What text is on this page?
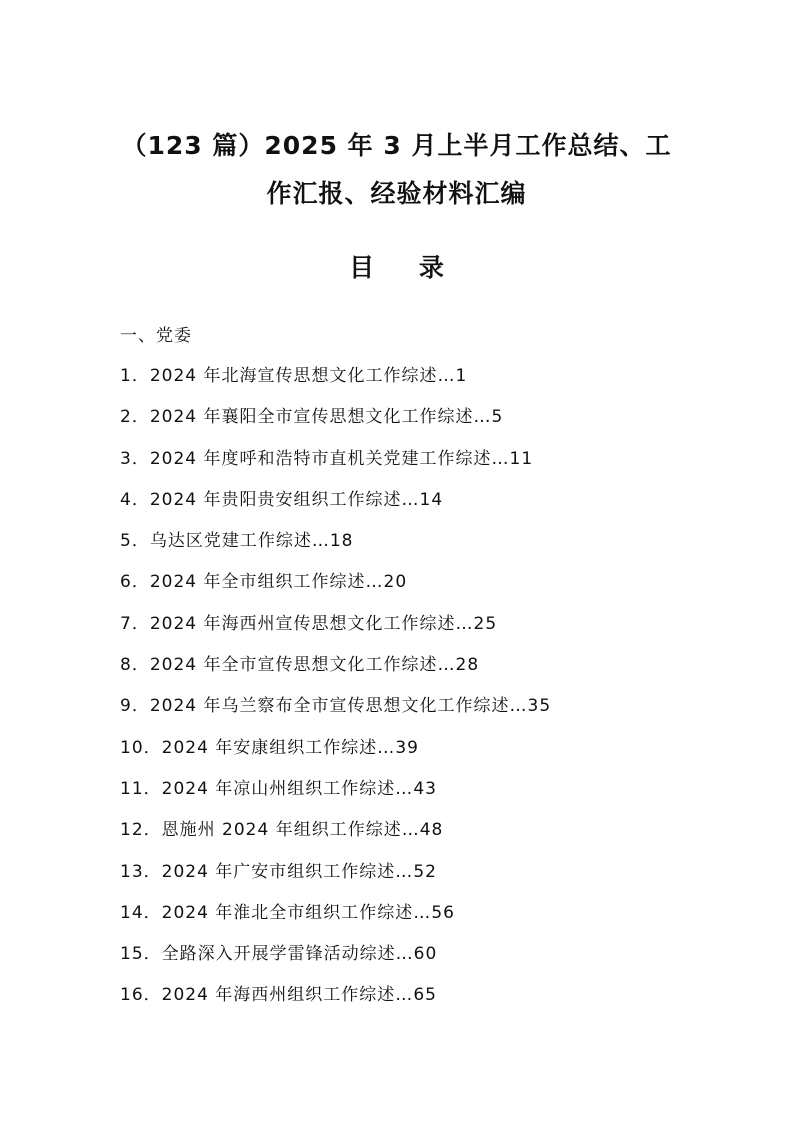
（123 篇）2025 年 3 月上半月工作总结、工
作汇报、经验材料汇编
目 录
一、党委
1．2024 年北海宣传思想文化工作综述…1
2．2024 年襄阳全市宣传思想文化工作综述…5
3．2024 年度呼和浩特市直机关党建工作综述…11
4．2024 年贵阳贵安组织工作综述…14
5．乌达区党建工作综述…18
6．2024 年全市组织工作综述…20
7．2024 年海西州宣传思想文化工作综述…25
8．2024 年全市宣传思想文化工作综述…28
9．2024 年乌兰察布全市宣传思想文化工作综述…35
10．2024 年安康组织工作综述…39
11．2024 年凉山州组织工作综述…43
12．恩施州 2024 年组织工作综述…48
13．2024 年广安市组织工作综述…52
14．2024 年淮北全市组织工作综述…56
15．全路深入开展学雷锋活动综述…60
16．2024 年海西州组织工作综述…65
